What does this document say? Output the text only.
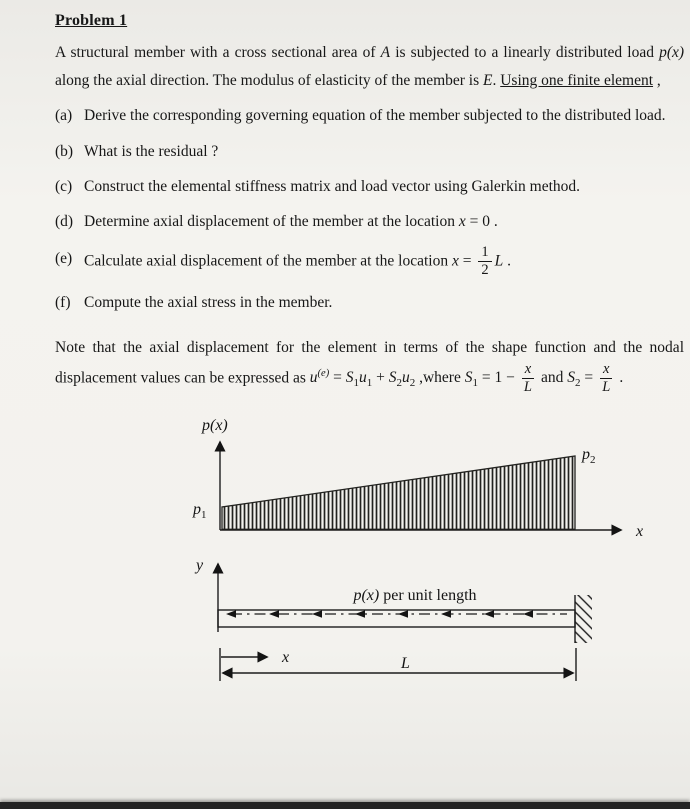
Problem 1

A structural member with a cross sectional area of A is subjected to a linearly distributed load p(x) along the axial direction. The modulus of elasticity of the member is E. Using one finite element ,

(a) Derive the corresponding governing equation of the member subjected to the distributed load.
(b) What is the residual ?
(c) Construct the elemental stiffness matrix and load vector using Galerkin method.
(d) Determine axial displacement of the member at the location x = 0 .
(e) Calculate axial displacement of the member at the location $x = \frac{1}{2}$ L .
(f) Compute the axial stress in the member.

Note that the axial displacement for the element in terms of the shape function and the nodal displacement values can be expressed as $u^{(e)} = S_1u_1 + S_2u_2$ ,where $S_1 = 1 - \frac{x}{L}$ and $S_2 = \frac{x}{L}$ .

p(x)
$p_2$
$p_1$
x
y
p(x) per unit length
x	L
